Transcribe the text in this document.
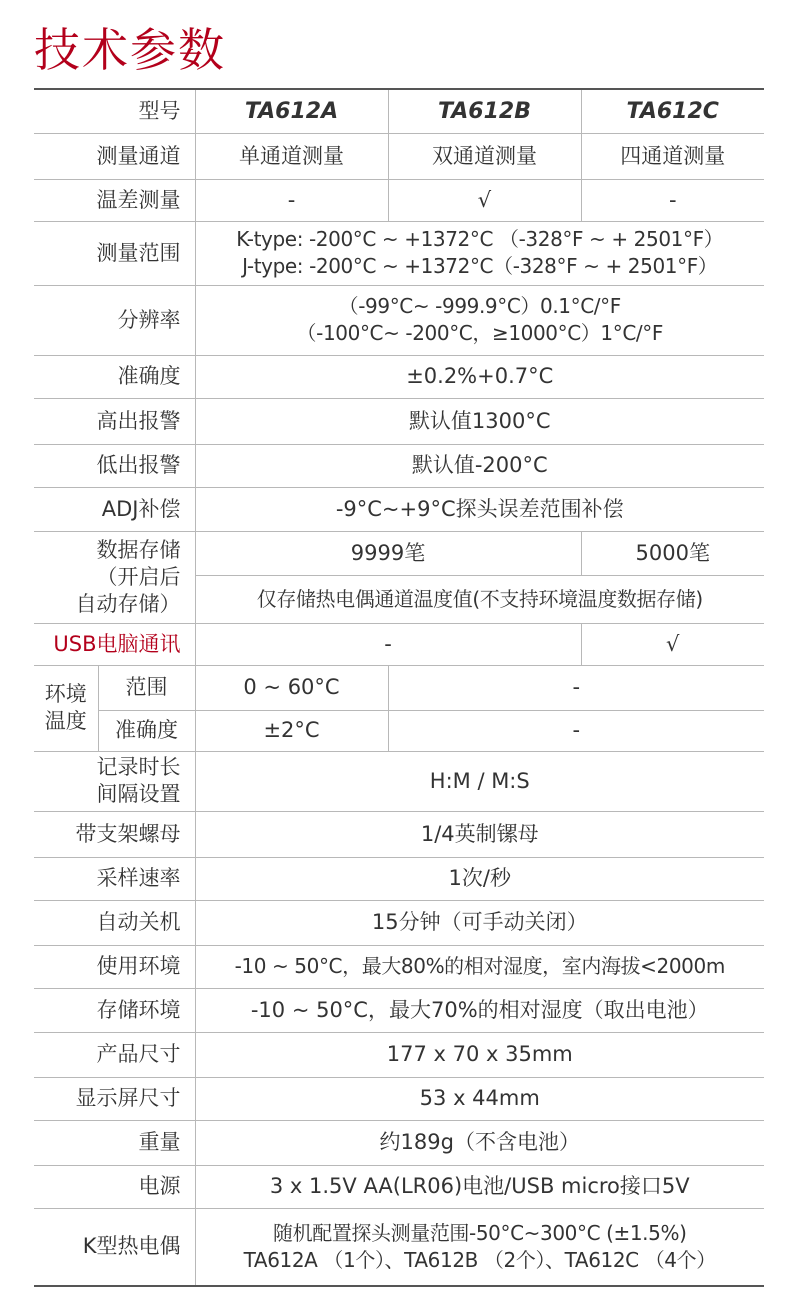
技术参数
型号		TA612A	TA612B	TA612C
测量通道		单通道测量	双通道测量	四通道测量
温差测量		-	√	-
测量范围		K-type: -200°C ~ +1372°C （-328°F ~ + 2501°F）
J-type: -200°C ~ +1372°C（-328°F ~ + 2501°F）		

分辨率		（-99°C~ -999.9°C）0.1°C/°F
（-100°C~ -200°C，≥1000°C）1°C/°F		

准确度		±0.2%+0.7°C		
高出报警		默认值1300°C		
低出报警		默认值-200°C		
ADJ补偿		-9°C~+9°C探头误差范围补偿		

数据存储
（开启后
自动存储）		9999笔		5000笔
		仅存储热电偶通道温度值(不支持环境温度数据存储)		
USB电脑通讯		-		√

环境
温度	范围	0 ~ 60°C	-	
	准确度	±2°C	-	

记录时长
间隔设置		H:M / M:S		
带支架螺母		1/4英制镙母		
采样速率		1次/秒		
自动关机		15分钟（可手动关闭）		
使用环境		-10 ~ 50°C，最大80%的相对湿度，室内海拔<2000m		
存储环境		-10 ~ 50°C，最大70%的相对湿度（取出电池）		
产品尺寸		177 x 70 x 35mm		
显示屏尺寸		53 x 44mm		
重量		约189g（不含电池）		
电源		3 x 1.5V AA(LR06)电池/USB micro接口5V		
K型热电偶		随机配置探头测量范围-50°C~300°C (±1.5%)
TA612A （1个）、TA612B （2个）、TA612C （4个）		
